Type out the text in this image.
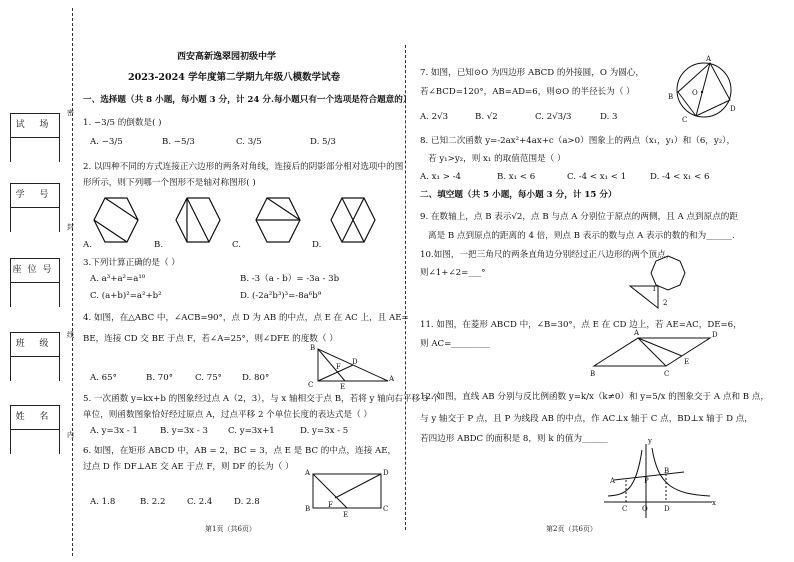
密
封
线
内
试 场
学 号
座位号
班 级
姓 名
西安高新逸翠园初级中学
2023-2024 学年度第二学期九年级八模数学试卷
一、选择题（共 8 小题，每小题 3 分，计 24 分.每小题只有一个选项是符合题意的）
1. −3/5 的倒数是( )
A. −3/5	B. −5/3	C. 3/5	D. 5/3
2. 以四种不同的方式连接正六边形的两条对角线，连接后的阴影部分相对选项中的图
形所示，则下列哪一个图形不是轴对称图形( )
A.	B.	C.	D.
3.下列计算正确的是（ ）
A. a³+a²=a¹⁰	B. -3（a - b）= -3a - 3b
C. (a+b)²=a²+b²	D. (-2a²b³)³=-8a⁶b⁹
4. 如图，在△ABC 中，∠ACB=90°，点 D 为 AB 的中点，点 E 在 AC 上，且 AE=
BE，连接 CD 交 BE 于点 F，若∠A=25°，则∠DFE 的度数（ ）
B
D
F
C	E
A
A. 65°	B. 70°	C. 75° D. 80°
5. 一次函数 y=kx+b 的图象经过点 A（2，3），与 x 轴相交于点 B，若将 y 轴向右平移 3 个
单位，则函数图象恰好经过原点 A，过点平移 2 个单位长度的表达式是（ ）
A. y=3x - 1	B. y=3x - 3 C. y=3x+1	D. y=3x - 5
6. 如图，在矩形 ABCD 中，AB = 2，BC = 3，点 E 是 BC 的中点，连接 AE，
过点 D 作 DF⊥AE 交 AE 于点 F，则 DF 的长为（ ）
A	D
F
B
E
C
A. 1.8	B. 2.2	C. 2.4	D. 2.8
第1页（共6页）
7. 如图，已知⊙O 为四边形 ABCD 的外接圆，O 为圆心，
若∠BCD=120°，AB=AD=6，则⊙O 的半径长为（ ）
A
D
O
B
C
A. 2√3	B. √2	C. 2√3/3	D. 3
8. 已知二次函数 y=-2ax²+4ax+c（a>0）图象上的两点（x₁，y₁）和（6，y₂），
若 y₁>y₂，则 x₁ 的取值范围是（ ）
A. x₁ > -4	B. x₁ < 6	C. -4 < x₁ < 1	D. -4 < x₁ < 6
二、填空题（共 5 小题，每小题 3 分，计 15 分）
9. 在数轴上，点 B 表示√2，点 B 与点 A 分别位于原点的两侧，且 A 点到原点的距
离是 B 点到原点的距离的 4 倍，则点 B 表示的数与点 A 表示的数的和为______.
10.如图，一把三角尺的两条直角边分别经过正八边形的两个顶点，
则∠1+∠2=___°
1
2
11. 如图，在菱形 ABCD 中，∠B=30°，点 E 在 CD 边上，若 AE=AC，DE=6，
则 AC=_________
A	D
E
B	C
12. 如图，直线 AB 分别与反比例函数 y=k/x（k≠0）和 y=5/x 的图象交于 A 点和 B 点，
与 y 轴交于 P 点，且 P 为线段 AB 的中点，作 AC⊥x 轴于 C 点，BD⊥x 轴于 D 点，
若四边形 ABDC 的面积是 8，则 k 的值为______	y
B
A	P
C O D
x
第2页（共6页）
